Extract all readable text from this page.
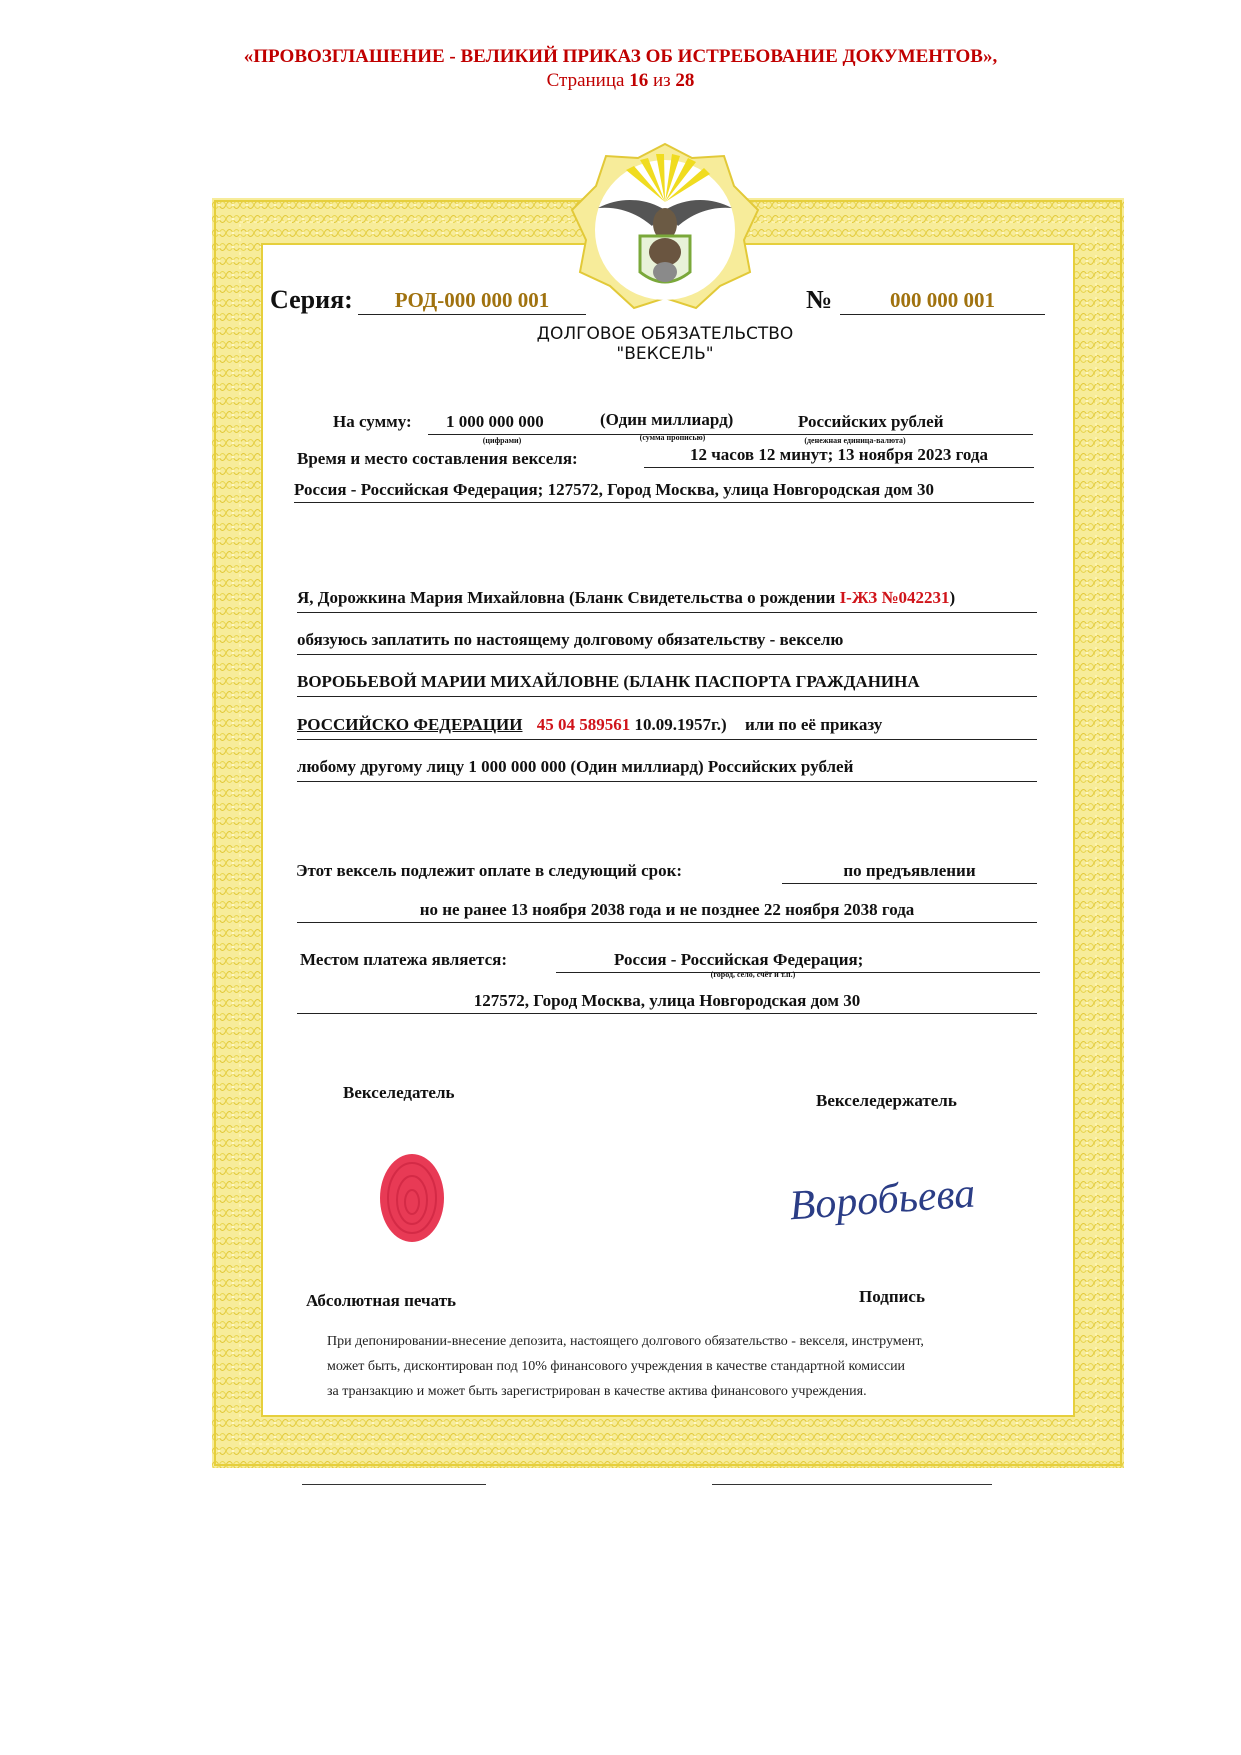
«ПРОВОЗГЛАШЕНИЕ - ВЕЛИКИЙ ПРИКАЗ ОБ ИСТРЕБОВАНИЕ ДОКУМЕНТОВ»,
Страница 16 из 28
Серия:	РОД-000 000 001	№	000 000 001
ДОЛГОВОЕ ОБЯЗАТЕЛЬСТВО
"ВЕКСЕЛЬ"
На сумму: 1 000 000 000	(Один миллиард)	Российских рублей
(цифрами)	(сумма прописью)	(денежная единица-валюта)
Время и место составления векселя:	12 часов 12 минут; 13 ноября 2023 года
Россия - Российская Федерация; 127572, Город Москва, улица Новгородская дом 30
Я, Дорожкина Мария Михайловна (Бланк Свидетельства о рождении I-ЖЗ №042231)
обязуюсь заплатить по настоящему долговому обязательству - векселю
ВОРОБЬЕВОЙ МАРИИ МИХАЙЛОВНЕ (БЛАНК ПАСПОРТА ГРАЖДАНИНА
РОССИЙСКО ФЕДЕРАЦИИ 45 04 589561 10.09.1957г.) или по её приказу
любому другому лицу 1 000 000 000 (Один миллиард) Российских рублей
Этот вексель подлежит оплате в следующий срок:	по предъявлении
но не ранее 13 ноября 2038 года и не позднее 22 ноября 2038 года
Местом платежа является:	Россия - Российская Федерация;
(город, село, счёт и т.п.)
127572, Город Москва, улица Новгородская дом 30
Векселедатель	Векселедержатель
Воробьева
Абсолютная печать	Подпись
При депонировании-внесение депозита, настоящего долгового обязательство - векселя, инструмент,
может быть, дисконтирован под 10% финансового учреждения в качестве стандартной комиссии
за транзакцию и может быть зарегистрирован в качестве актива финансового учреждения.
